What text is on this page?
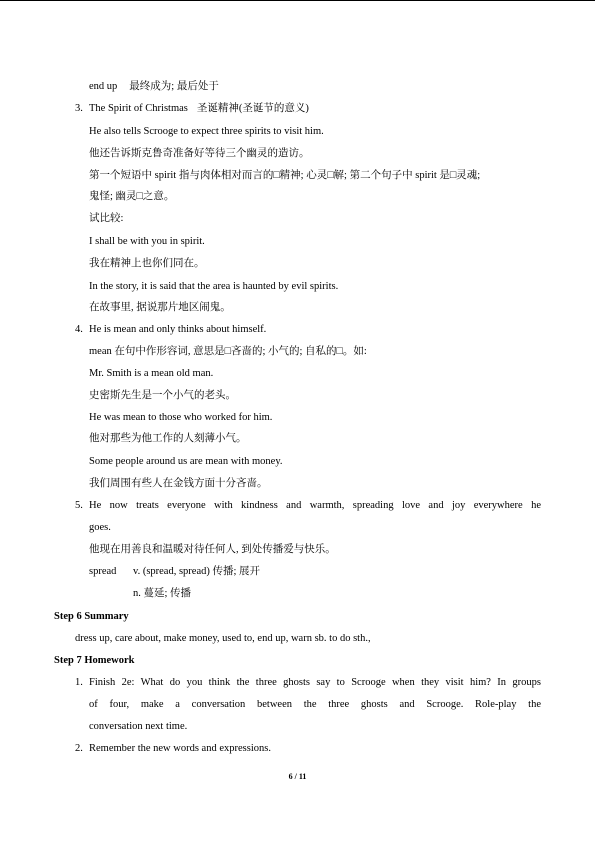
end up 最终成为; 最后处于
3. The Spirit of Christmas 圣诞精神(圣诞节的意义)
He also tells Scrooge to expect three spirits to visit him.
他还告诉斯克鲁奇准备好等待三个幽灵的造访。
第一个短语中 spirit 指与肉体相对而言的□精神; 心灵□解; 第二个句子中 spirit 是□灵魂;
鬼怪; 幽灵□之意。
试比较:
I shall be with you in spirit.
我在精神上也你们同在。
In the story, it is said that the area is haunted by evil spirits.
在故事里, 据说那片地区闹鬼。
4. He is mean and only thinks about himself.
mean 在句中作形容词, 意思是□吝啬的; 小气的; 自私的□。如:
Mr. Smith is a mean old man.
史密斯先生是一个小气的老头。
He was mean to those who worked for him.
他对那些为他工作的人刻薄小气。
Some people around us are mean with money.
我们周围有些人在金钱方面十分吝啬。
5. He now treats everyone with kindness and warmth, spreading love and joy everywhere he
goes.
他现在用善良和温暖对待任何人, 到处传播爱与快乐。
spread v. (spread, spread) 传播; 展开
n. 蔓延; 传播
Step 6 Summary
dress up, care about, make money, used to, end up, warn sb. to do sth.,
Step 7 Homework
1. Finish 2e: What do you think the three ghosts say to Scrooge when they visit him? In groups
of four, make a conversation between the three ghosts and Scrooge. Role-play the
conversation next time.
2. Remember the new words and expressions.
6 / 11
